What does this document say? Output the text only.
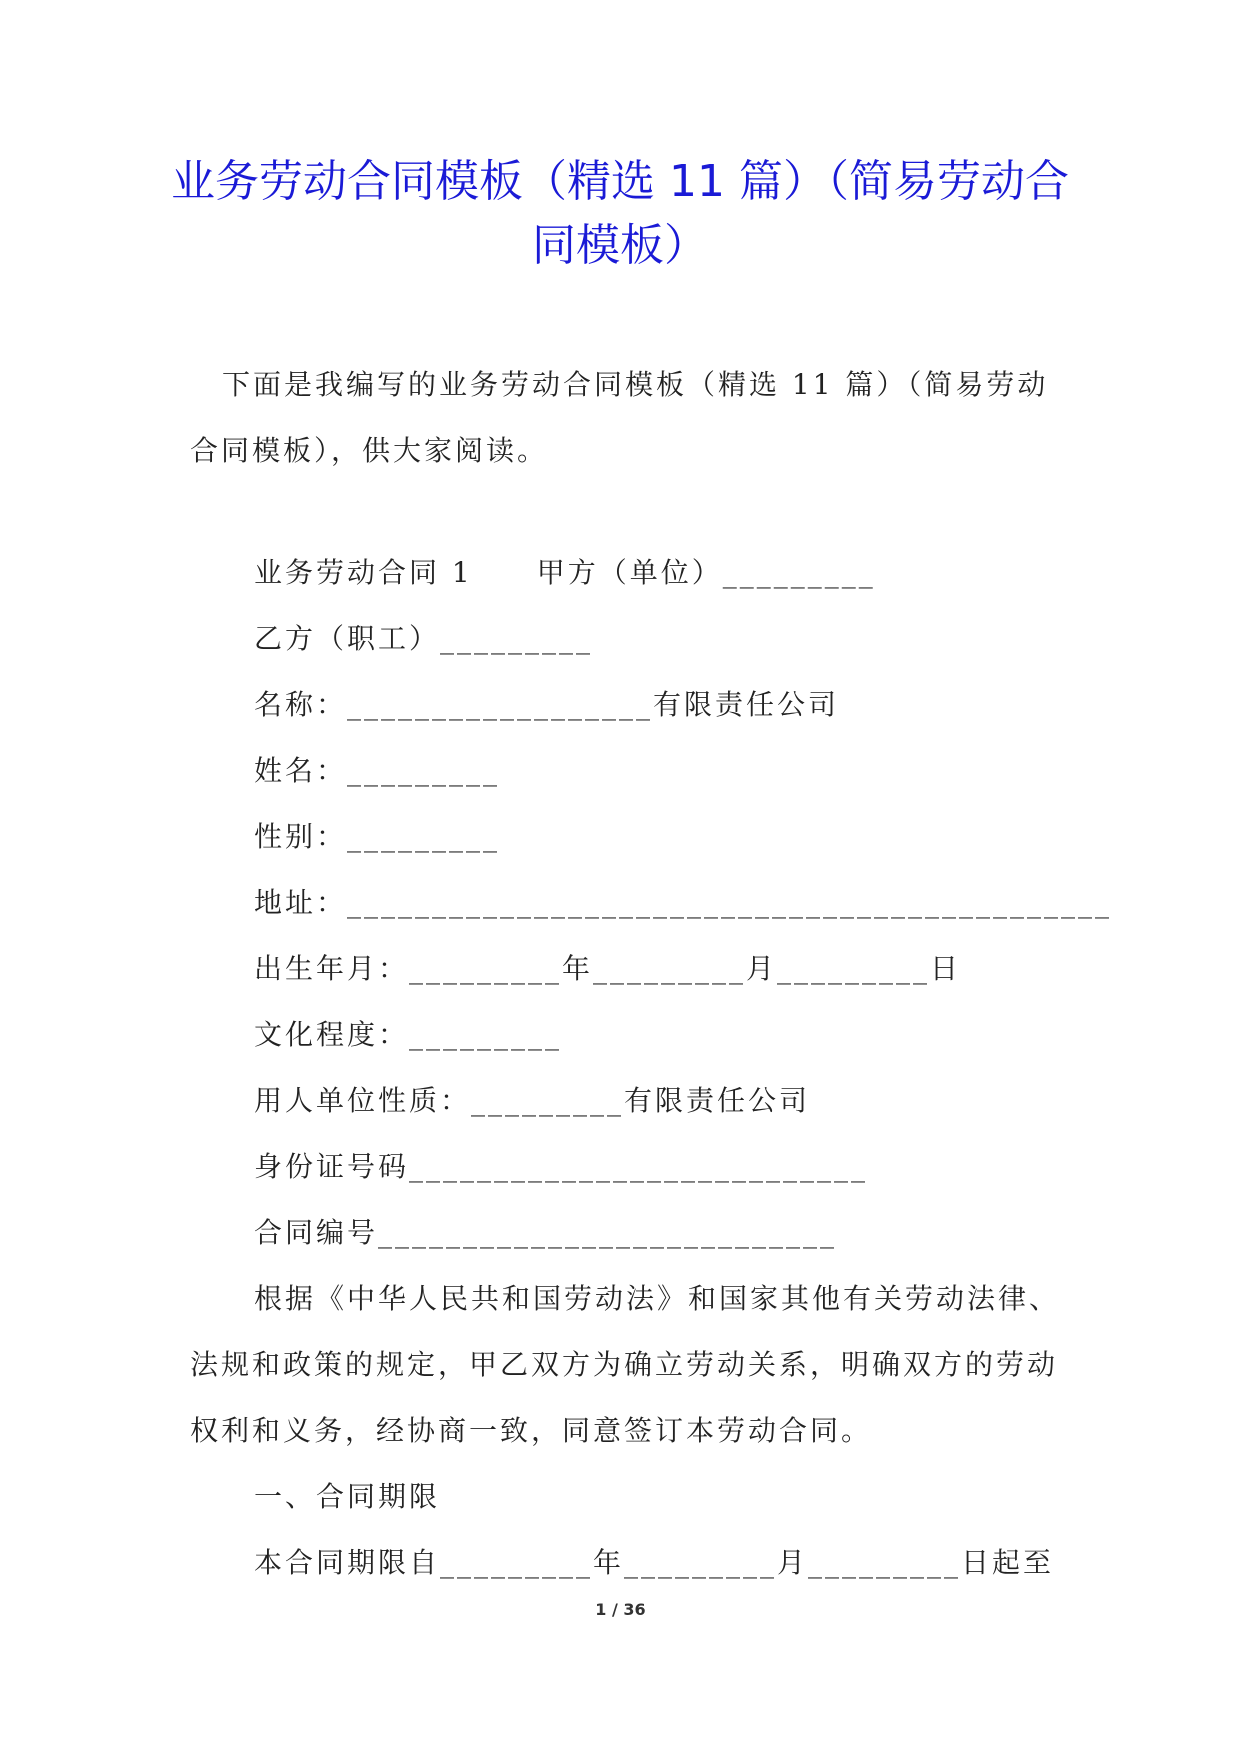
业务劳动合同模板（精选 11 篇）（简易劳动合同模板）

下面是我编写的业务劳动合同模板（精选 11 篇）（简易劳动合同模板），供大家阅读。

业务劳动合同 1 甲方（单位）_________
乙方（职工）_________
名称：__________________有限责任公司
姓名：_________
性别：_________
地址：_____________________________________________
出生年月：_________年_________月_________日
文化程度：_________
用人单位性质：_________有限责任公司
身份证号码___________________________
合同编号___________________________

根据《中华人民共和国劳动法》和国家其他有关劳动法律、法规和政策的规定，甲乙双方为确立劳动关系，明确双方的劳动权利和义务，经协商一致，同意签订本劳动合同。

一、合同期限
本合同期限自_________年_________月_________日起至
1 / 36
